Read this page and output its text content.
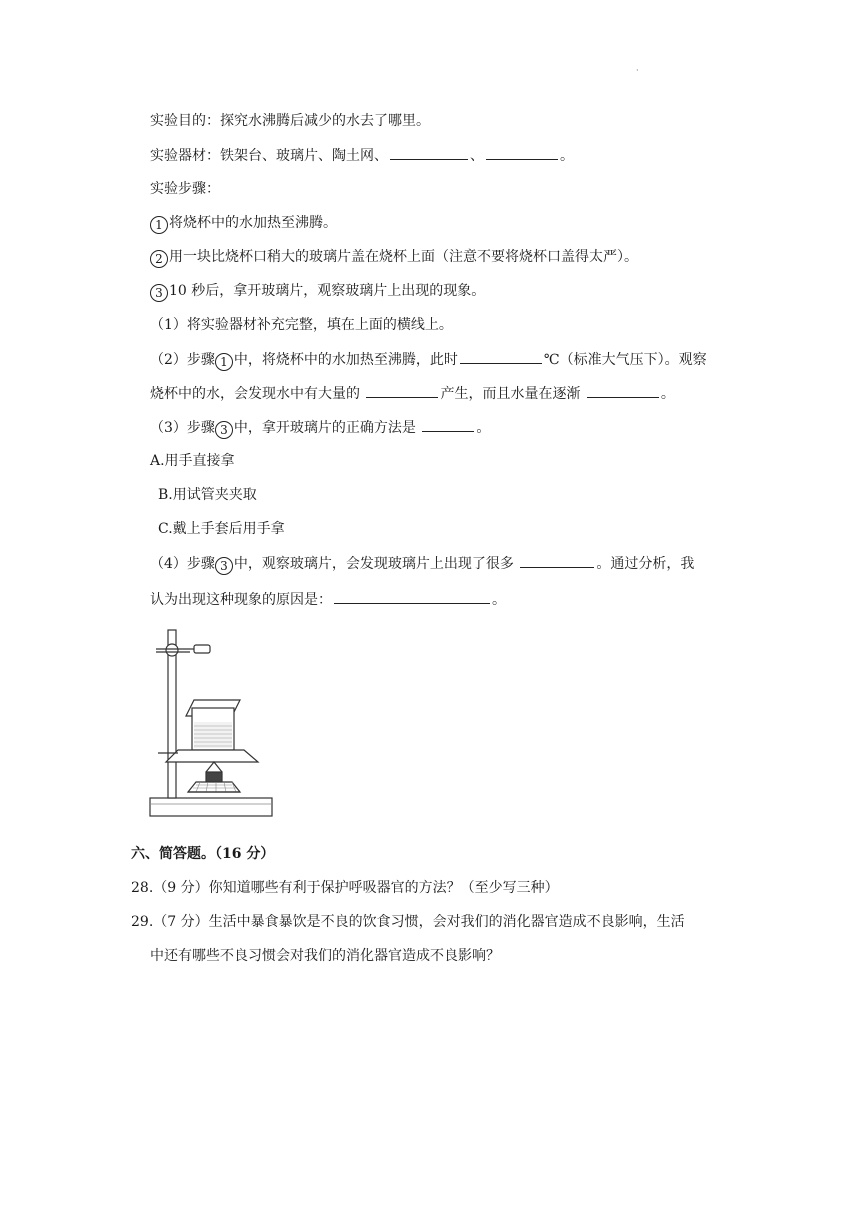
·
实验目的：探究水沸腾后减少的水去了哪里。
实验器材：铁架台、玻璃片、陶土网、	、	。
实验步骤：
1 将烧杯中的水加热至沸腾。
2 用一块比烧杯口稍大的玻璃片盖在烧杯上面（注意不要将烧杯口盖得太严）。
3 10 秒后，拿开玻璃片，观察玻璃片上出现的现象。
（1）将实验器材补充完整，填在上面的横线上。
（2）步骤 1 中，将烧杯中的水加热至沸腾，此时	℃（标准大气压下）。观察
烧杯中的水，会发现水中有大量的	产生，而且水量在逐渐	。
（3）步骤 3 中，拿开玻璃片的正确方法是	。
A.用手直接拿
B.用试管夹夹取
C.戴上手套后用手拿
（4）步骤 3 中，观察玻璃片，会发现玻璃片上出现了很多	。通过分析，我
认为出现这种现象的原因是：	。
六、简答题。（16 分）
28.（9 分）你知道哪些有利于保护呼吸器官的方法？（至少写三种）
29.（7 分）生活中暴食暴饮是不良的饮食习惯，会对我们的消化器官造成不良影响，生活
中还有哪些不良习惯会对我们的消化器官造成不良影响？
